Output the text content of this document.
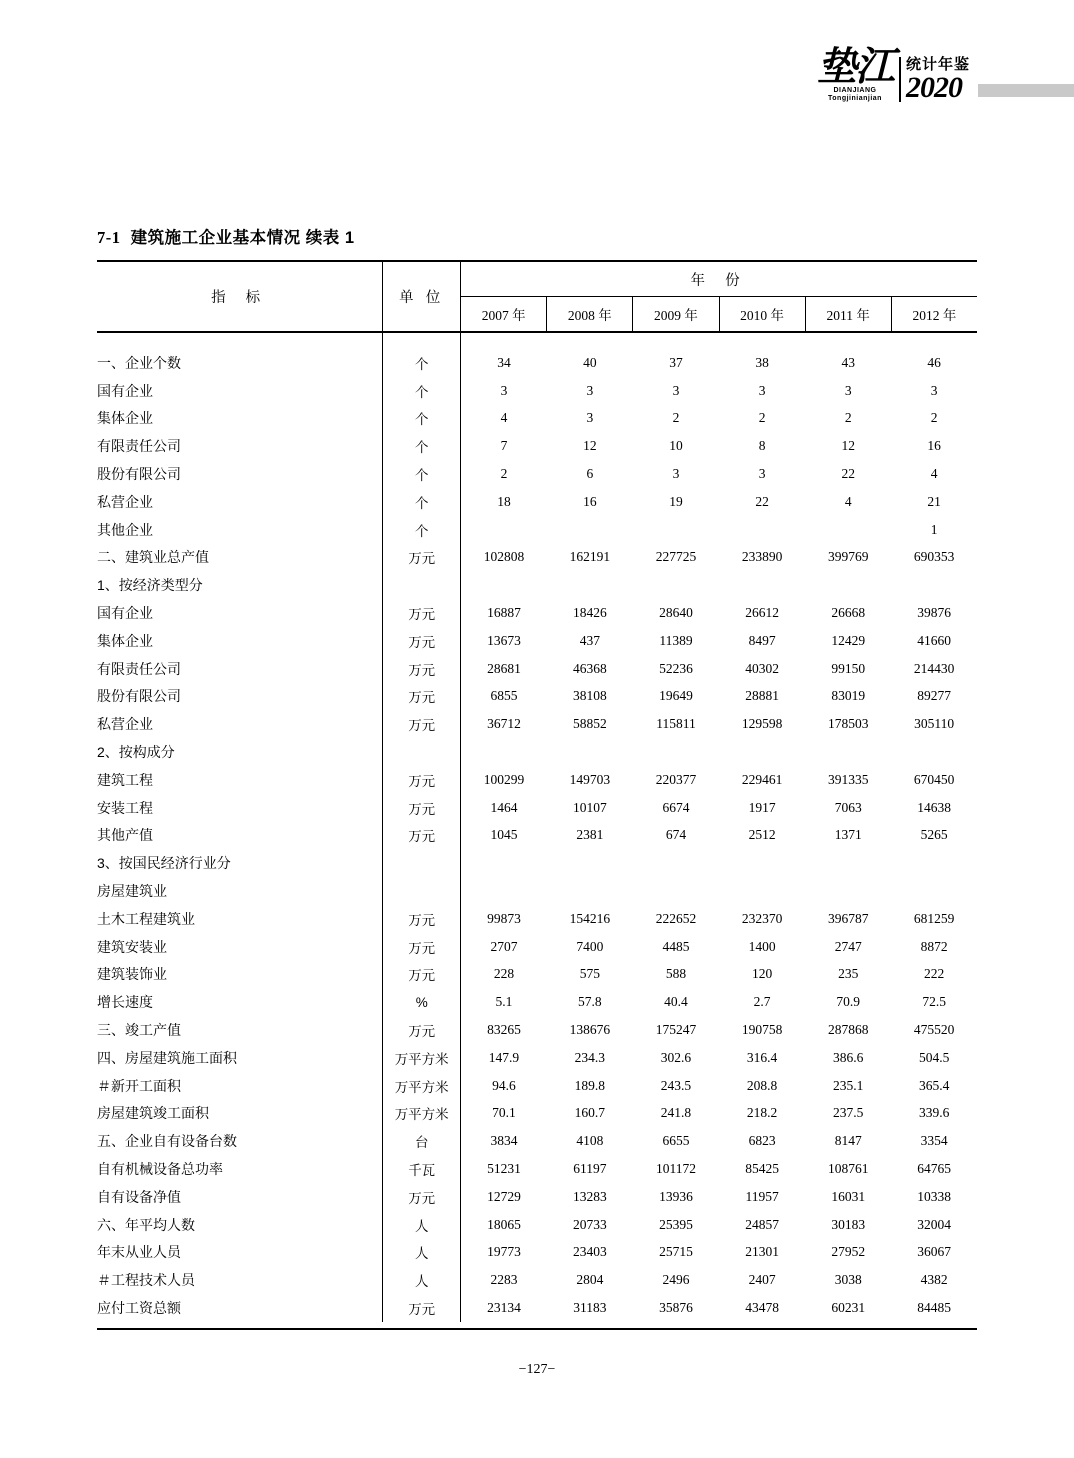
垫江
DIANJIANG
Tongjinianjian
统计年鉴
2020
7-1 建筑施工企业基本情况 续表 1
指 标	单 位	年 份					
		2007 年	2008 年	2009 年	2010 年	2011 年	2012 年

一、企业个数	个	34	40	37	38	43	46
国有企业	个	3	3	3	3	3	3
集体企业	个	4	3	2	2	2	2
有限责任公司	个	7	12	10	8	12	16
股份有限公司	个	2	6	3	3	22	4
私营企业	个	18	16	19	22	4	21
其他企业	个						1
二、建筑业总产值	万元	102808	162191	227725	233890	399769	690353
1、按经济类型分							
国有企业	万元	16887	18426	28640	26612	26668	39876
集体企业	万元	13673	437	11389	8497	12429	41660
有限责任公司	万元	28681	46368	52236	40302	99150	214430
股份有限公司	万元	6855	38108	19649	28881	83019	89277
私营企业	万元	36712	58852	115811	129598	178503	305110
2、按构成分							
建筑工程	万元	100299	149703	220377	229461	391335	670450
安装工程	万元	1464	10107	6674	1917	7063	14638
其他产值	万元	1045	2381	674	2512	1371	5265
3、按国民经济行业分							
房屋建筑业							
土木工程建筑业	万元	99873	154216	222652	232370	396787	681259
建筑安装业	万元	2707	7400	4485	1400	2747	8872
建筑装饰业	万元	228	575	588	120	235	222
增长速度	%	5.1	57.8	40.4	2.7	70.9	72.5
三、竣工产值	万元	83265	138676	175247	190758	287868	475520
四、房屋建筑施工面积	万平方米	147.9	234.3	302.6	316.4	386.6	504.5
＃新开工面积	万平方米	94.6	189.8	243.5	208.8	235.1	365.4
房屋建筑竣工面积	万平方米	70.1	160.7	241.8	218.2	237.5	339.6
五、企业自有设备台数	台	3834	4108	6655	6823	8147	3354
自有机械设备总功率	千瓦	51231	61197	101172	85425	108761	64765
自有设备净值	万元	12729	13283	13936	11957	16031	10338
六、年平均人数	人	18065	20733	25395	24857	30183	32004
年末从业人员	人	19773	23403	25715	21301	27952	36067
＃工程技术人员	人	2283	2804	2496	2407	3038	4382
应付工资总额	万元	23134	31183	35876	43478	60231	84485
−127−
